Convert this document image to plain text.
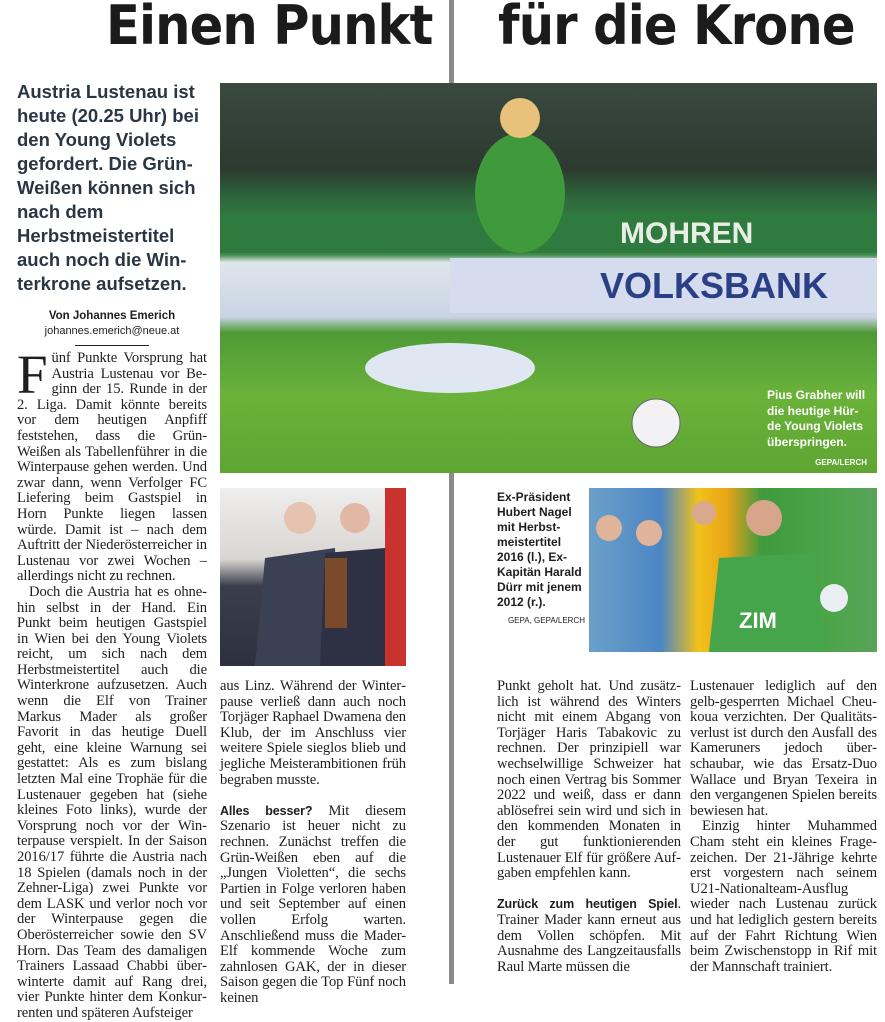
Einen Punkt für die Krone
Austria Lustenau ist heute (20.25 Uhr) bei den Young Violets gefordert. Die Grün-Weißen können sich nach dem Herbstmeistertitel auch noch die Winterkrone aufsetzen.
Von Johannes Emerich
johannes.emerich@neue.at

Fünf Punkte Vorsprung hat Austria Lustenau vor Beginn der 15. Runde in der 2. Liga. Damit könnte bereits vor dem heutigen Anpfiff feststehen, dass die Grün-Weißen als Tabellenführer in die Winterpause gehen werden. Und zwar dann, wenn Verfolger FC Liefering beim Gastspiel in Horn Punkte liegen lassen würde. Damit ist – nach dem Auftritt der Niederösterreicher in Lustenau vor zwei Wochen – allerdings nicht zu rechnen.

Doch die Austria hat es ohnehin selbst in der Hand. Ein Punkt beim heutigen Gastspiel in Wien bei den Young Violets reicht, um sich nach dem Herbstmeistertitel auch die Winterkrone aufzusetzen. Auch wenn die Elf von Trainer Markus Mader als großer Favorit in das heutige Duell geht, eine kleine Warnung sei gestattet: Als es zum bislang letzten Mal eine Trophäe für die Lustenauer gegeben hat (siehe kleines Foto links), wurde der Vorsprung noch vor der Winterpause verspielt. In der Saison 2016/17 führte die Austria nach 18 Spielen (damals noch in der Zehner-Liga) zwei Punkte vor dem LASK und verlor noch vor der Winterpause gegen die Oberösterreicher sowie den SV Horn. Das Team des damaligen Trainers Lassaad Chabbi überwinterte damit auf Rang drei, vier Punkte hinter dem Konkurrenten und späteren Aufsteiger

aus Linz. Während der Winterpause verließ dann auch noch Torjäger Raphael Dwamena den Klub, der im Anschluss vier weitere Spiele sieglos blieb und jegliche Meisterambitionen früh begraben musste.

Alles besser? Mit diesem Szenario ist heuer nicht zu rechnen. Zunächst treffen die Grün-Weißen eben auf die „Jungen Violetten“, die sechs Partien in Folge verloren haben und seit September auf einen vollen Erfolg warten. Anschließend muss die Mader-Elf kommende Woche zum zahnlosen GAK, der in dieser Saison gegen die Top Fünf noch keinen

Punkt geholt hat. Und zusätzlich ist während des Winters nicht mit einem Abgang von Torjäger Haris Tabakovic zu rechnen. Der prinzipiell war wechselwillige Schweizer hat noch einen Vertrag bis Sommer 2022 und weiß, dass er dann ablösefrei sein wird und sich in den kommenden Monaten in der gut funktionierenden Lustenauer Elf für größere Aufgaben empfehlen kann.

Zurück zum heutigen Spiel. Trainer Mader kann erneut aus dem Vollen schöpfen. Mit Ausnahme des Langzeitausfalls Raul Marte müssen die

Lustenauer lediglich auf den gelb-gesperrten Michael Cheukoua verzichten. Der Qualitätsverlust ist durch den Ausfall des Kameruners jedoch überschaubar, wie das Ersatz-Duo Wallace und Bryan Texeira in den vergangenen Spielen bereits bewiesen hat.

Einzig hinter Muhammed Cham steht ein kleines Fragezeichen. Der 21-Jährige kehrte erst vorgestern nach seinem U21-Nationalteam-Ausflug wieder nach Lustenau zurück und hat lediglich gestern bereits auf der Fahrt Richtung Wien beim Zwischenstopp in Rif mit der Mannschaft trainiert.

MOHREN
VOLKSBANK
Pius Grabher will die heutige Hürde Young Violets überspringen.
GEPA/LERCH
Ex-Präsident Hubert Nagel mit Herbstmeistertitel 2016 (l.), Ex-Kapitän Harald Dürr mit jenem 2012 (r.).
GEPA, GEPA/LERCH	ZIM
